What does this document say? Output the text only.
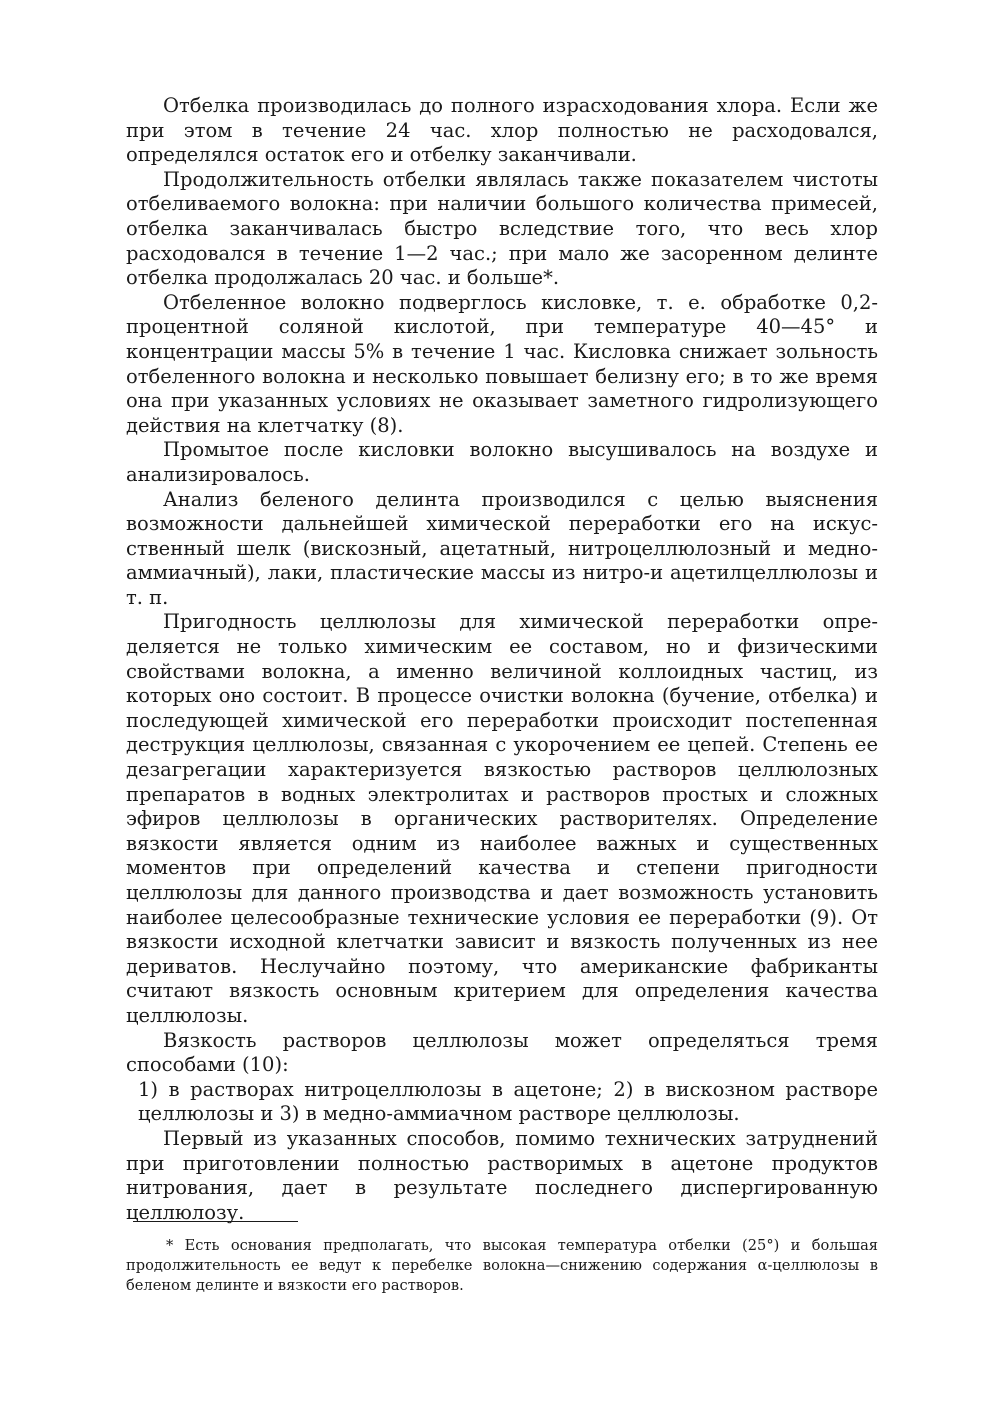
Отбелка производилась до полного израсходования хлора. Если же при этом в течение 24 час. хлор полностью не расходовался, определялся остаток его и отбелку заканчивали.

Продолжительность отбелки являлась также показателем чистоты отбеливаемого волокна: при наличии большого количества примесей, отбелка заканчивалась быстро вследствие того, что весь хлор расходовался в течение 1—2 час.; при мало же засоренном делинте отбелка продолжалась 20 час. и больше*.

Отбеленное волокно подверглось кисловке, т. е. обработке 0,2-процентной соляной кислотой, при температуре 40—45° и концентрации массы 5% в течение 1 час. Кисловка снижает зольность отбеленного волокна и несколько повышает белизну его; в то же время она при указанных условиях не оказывает заметного гидролизующего действия на клетчатку (8).

Промытое после кисловки волокно высушивалось на воздухе и анализировалось.

Анализ беленого делинта производился с целью выяснения возможности дальнейшей химической переработки его на искусственный шелк (вискозный, ацетатный, нитроцеллюлозный и медно-аммиачный), лаки, пластические массы из нитро-и ацетилцеллюлозы и т. п.

Пригодность целлюлозы для химической переработки определяется не только химическим ее составом, но и физическими свойствами волокна, а именно величиной коллоидных частиц, из которых оно состоит. В процессе очистки волокна (бучение, отбелка) и последующей химической его переработки происходит постепенная деструкция целлюлозы, связанная с укорочением ее цепей. Степень ее дезагрегации характеризуется вязкостью растворов целлюлозных препаратов в водных электролитах и растворов простых и сложных эфиров целлюлозы в органических растворителях. Определение вязкости является одним из наиболее важных и существенных моментов при определений качества и степени пригодности целлюлозы для данного производства и дает возможность установить наиболее целесообразные технические условия ее переработки (9). От вязкости исходной клетчатки зависит и вязкость полученных из нее дериватов. Неслучайно поэтому, что американские фабриканты считают вязкость основным критерием для определения качества целлюлозы.

Вязкость растворов целлюлозы может определяться тремя способами (10):

1) в растворах нитроцеллюлозы в ацетоне; 2) в вискозном растворе целлюлозы и 3) в медно-аммиачном растворе целлюлозы.

Первый из указанных способов, помимо технических затруднений при приготовлении полностью растворимых в ацетоне продуктов нитрования, дает в результате последнего диспергированную целлюлозу.

* Есть основания предполагать, что высокая температура отбелки (25°) и большая продолжительность ее ведут к перебелке волокна—снижению содержания α-целлюлозы в беленом делинте и вязкости его растворов.
